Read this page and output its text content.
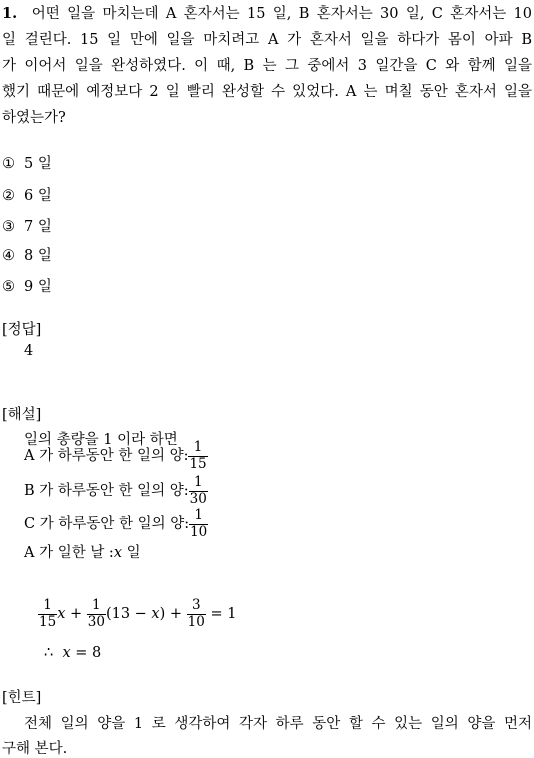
1. 어떤 일을 마치는데 A 혼자서는 15 일, B 혼자서는 30 일, C 혼자서는 10
일 걸린다. 15 일 만에 일을 마치려고 A 가 혼자서 일을 하다가 몸이 아파 B
가 이어서 일을 완성하였다. 이 때, B 는 그 중에서 3 일간을 C 와 함께 일을
했기 때문에 예정보다 2 일 빨리 완성할 수 있었다. A 는 며칠 동안 혼자서 일을
하였는가?
① 5 일
② 6 일
③ 7 일
④ 8 일
⑤ 9 일
[정답]
4
[해설]
일의 총량을 1 이라 하면
A 가 하루동안 한 일의 양: $\frac{1}{15}$
B 가 하루동안 한 일의 양: $\frac{1}{30}$
C 가 하루동안 한 일의 양: $\frac{1}{10}$
A 가 일한 날 :x 일
$\frac{1}{15}$ $x + \frac{1}{30} (13 - x) + \frac{3}{10} = 1$
∴ x = 8
[힌트]
전체 일의 양을 1 로 생각하여 각자 하루 동안 할 수 있는 일의 양을 먼저
구해 본다.
